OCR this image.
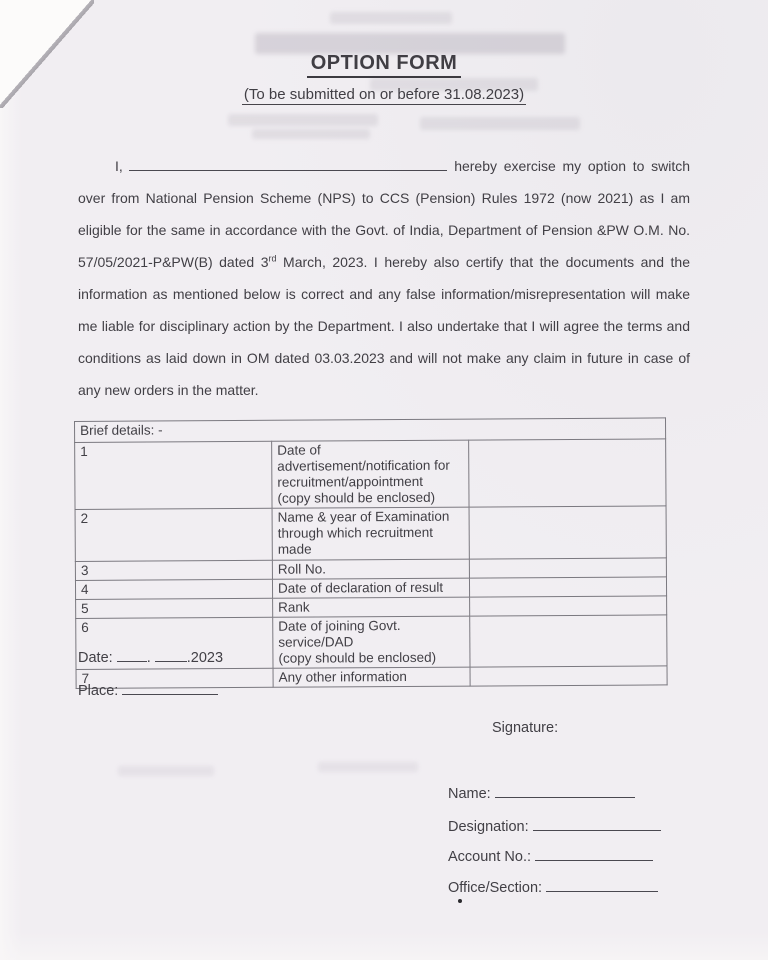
OPTION FORM
(To be submitted on or before 31.08.2023)
I,	hereby exercise my option to switch over from National Pension Scheme (NPS) to CCS (Pension) Rules 1972 (now 2021) as I am eligible for the same in accordance with the Govt. of India, Department of Pension &PW O.M. No. 57/05/2021-P&PW(B) dated 3rd March, 2023. I hereby also certify that the documents and the information as mentioned below is correct and any false information/misrepresentation will make me liable for disciplinary action by the Department. I also undertake that I will agree the terms and conditions as laid down in OM dated 03.03.2023 and will not make any claim in future in case of any new orders in the matter.
Brief details: -		
1	Date of advertisement/notification for recruitment/appointment
(copy should be enclosed)	

2	Name & year of Examination through which recruitment made	
3	Roll No.	
4	Date of declaration of result	
5	Rank	
6	Date of joining Govt. service/DAD
(copy should be enclosed)	

7	Any other information	
Date: . .2023
Place:
Signature:
Name:
Designation:
Account No.:
Office/Section:
